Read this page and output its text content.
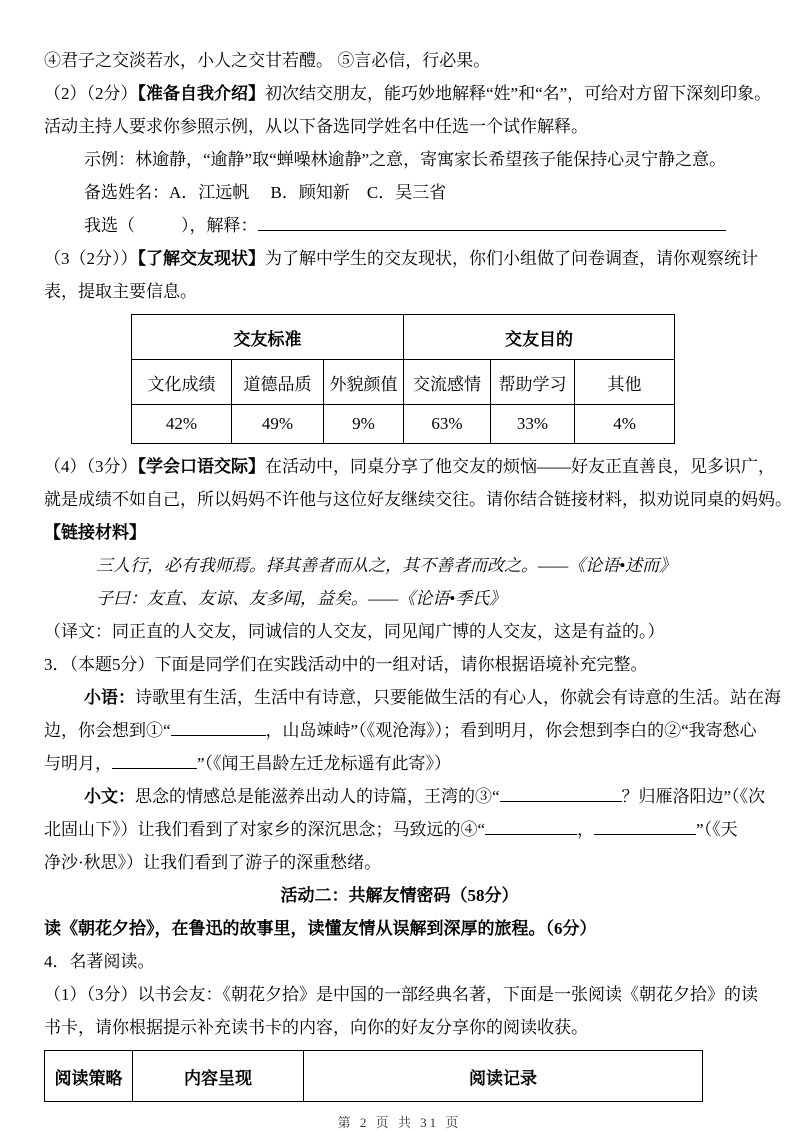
④君子之交淡若水，小人之交甘若醴。 ⑤言必信，行必果。
（2）（2分）【准备自我介绍】初次结交朋友，能巧妙地解释“姓”和“名”，可给对方留下深刻印象。
活动主持人要求你参照示例，从以下备选同学姓名中任选一个试作解释。
示例：林逾静，“逾静”取“蝉噪林逾静”之意，寄寓家长希望孩子能保持心灵宁静之意。
备选姓名：A．江远帆     B．顾知新    C．吴三省
我选（	），解释：
（3（2分））【了解交友现状】为了解中学生的交友现状，你们小组做了问卷调查，请你观察统计
表，提取主要信息。
交友标准			交友目的		
文化成绩	道德品质	外貌颜值	交流感情	帮助学习	其他
42%	49%	9%	63%	33%	4%
（4）（3分）【学会口语交际】在活动中，同桌分享了他交友的烦恼——好友正直善良，见多识广，
就是成绩不如自己，所以妈妈不许他与这位好友继续交往。请你结合链接材料，拟劝说同桌的妈妈。
【链接材料】
三人行，必有我师焉。择其善者而从之，其不善者而改之。——《论语•述而》
子曰：友直、友谅、友多闻，益矣。——《论语•季氏》
（译文：同正直的人交友，同诚信的人交友，同见闻广博的人交友，这是有益的。）
3．（本题5分）下面是同学们在实践活动中的一组对话，请你根据语境补充完整。
小语：诗歌里有生活，生活中有诗意，只要能做生活的有心人，你就会有诗意的生活。站在海
边，你会想到①“	，山岛竦峙”（《观沧海》）；看到明月，你会想到李白的②“我寄愁心
与明月，	”（《闻王昌龄左迁龙标遥有此寄》）
小文：思念的情感总是能滋养出动人的诗篇，王湾的③“	？归雁洛阳边”（《次
北固山下》）让我们看到了对家乡的深沉思念；马致远的④“	，	”（《天
净沙·秋思》）让我们看到了游子的深重愁绪。
活动二：共解友情密码（58分）
读《朝花夕拾》，在鲁迅的故事里，读懂友情从误解到深厚的旅程。（6分）
4．名著阅读。
（1）（3分）以书会友：《朝花夕拾》是中国的一部经典名著，下面是一张阅读《朝花夕拾》的读
书卡，请你根据提示补充读书卡的内容，向你的好友分享你的阅读收获。
阅读策略	内容呈现	阅读记录
第 2 页 共 31 页
